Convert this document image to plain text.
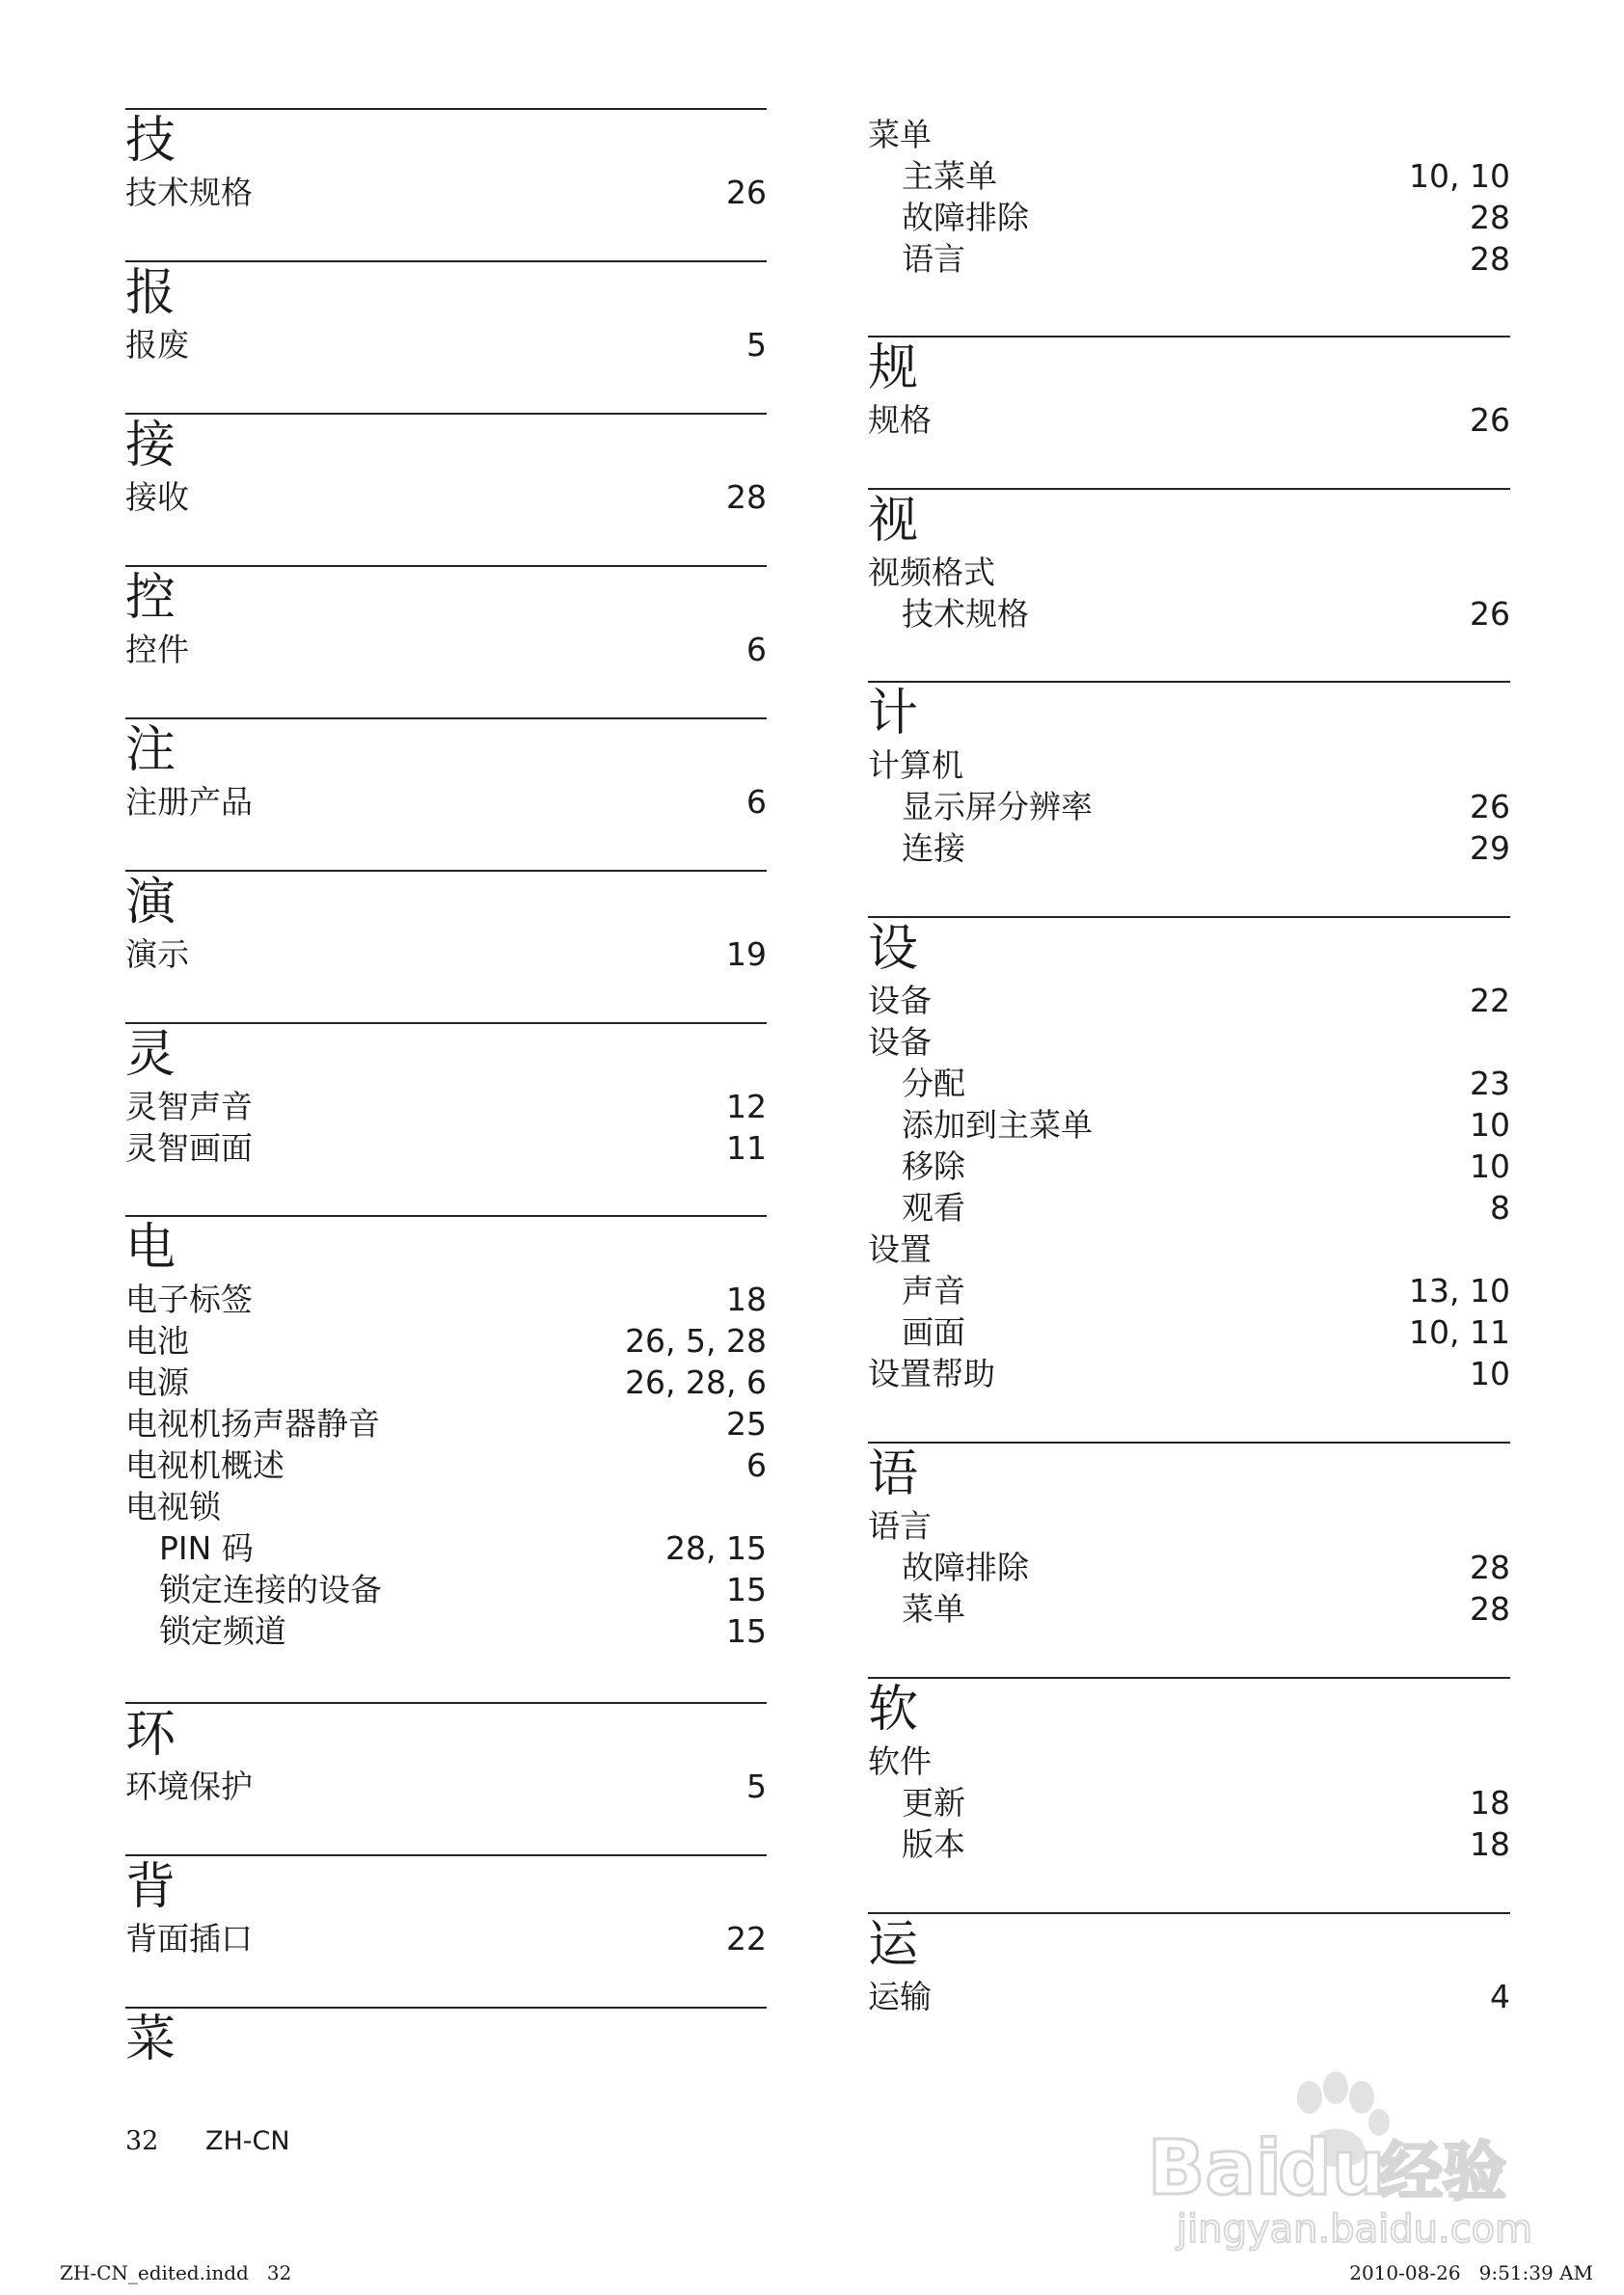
技
技术规格	26
报
报废	5
接
接收	28
控
控件	6
注
注册产品	6
演
演示	19
灵
灵智声音	12
灵智画面	11
电
电子标签	18
电池	26, 5, 28
电源	26, 28, 6
电视机扬声器静音	25
电视机概述	6
电视锁
PIN 码	28, 15
锁定连接的设备	15
锁定频道	15
环
环境保护	5
背
背面插口	22
菜
菜单
主菜单	10, 10
故障排除	28
语言	28
规
规格	26
视
视频格式
技术规格	26
计
计算机
显示屏分辨率	26
连接	29
设
设备	22
设备
分配	23
添加到主菜单	10
移除	10
观看	8
设置
声音	13, 10
画面	10, 11
设置帮助	10
语
语言
故障排除	28
菜单	28
软
软件
更新	18
版本	18
运
运输	4
32 ZH-CN
ZH-CN_edited.indd   32	2010-08-26   9:51:39 AM
Bai
du
经验
jingyan.baidu.com
